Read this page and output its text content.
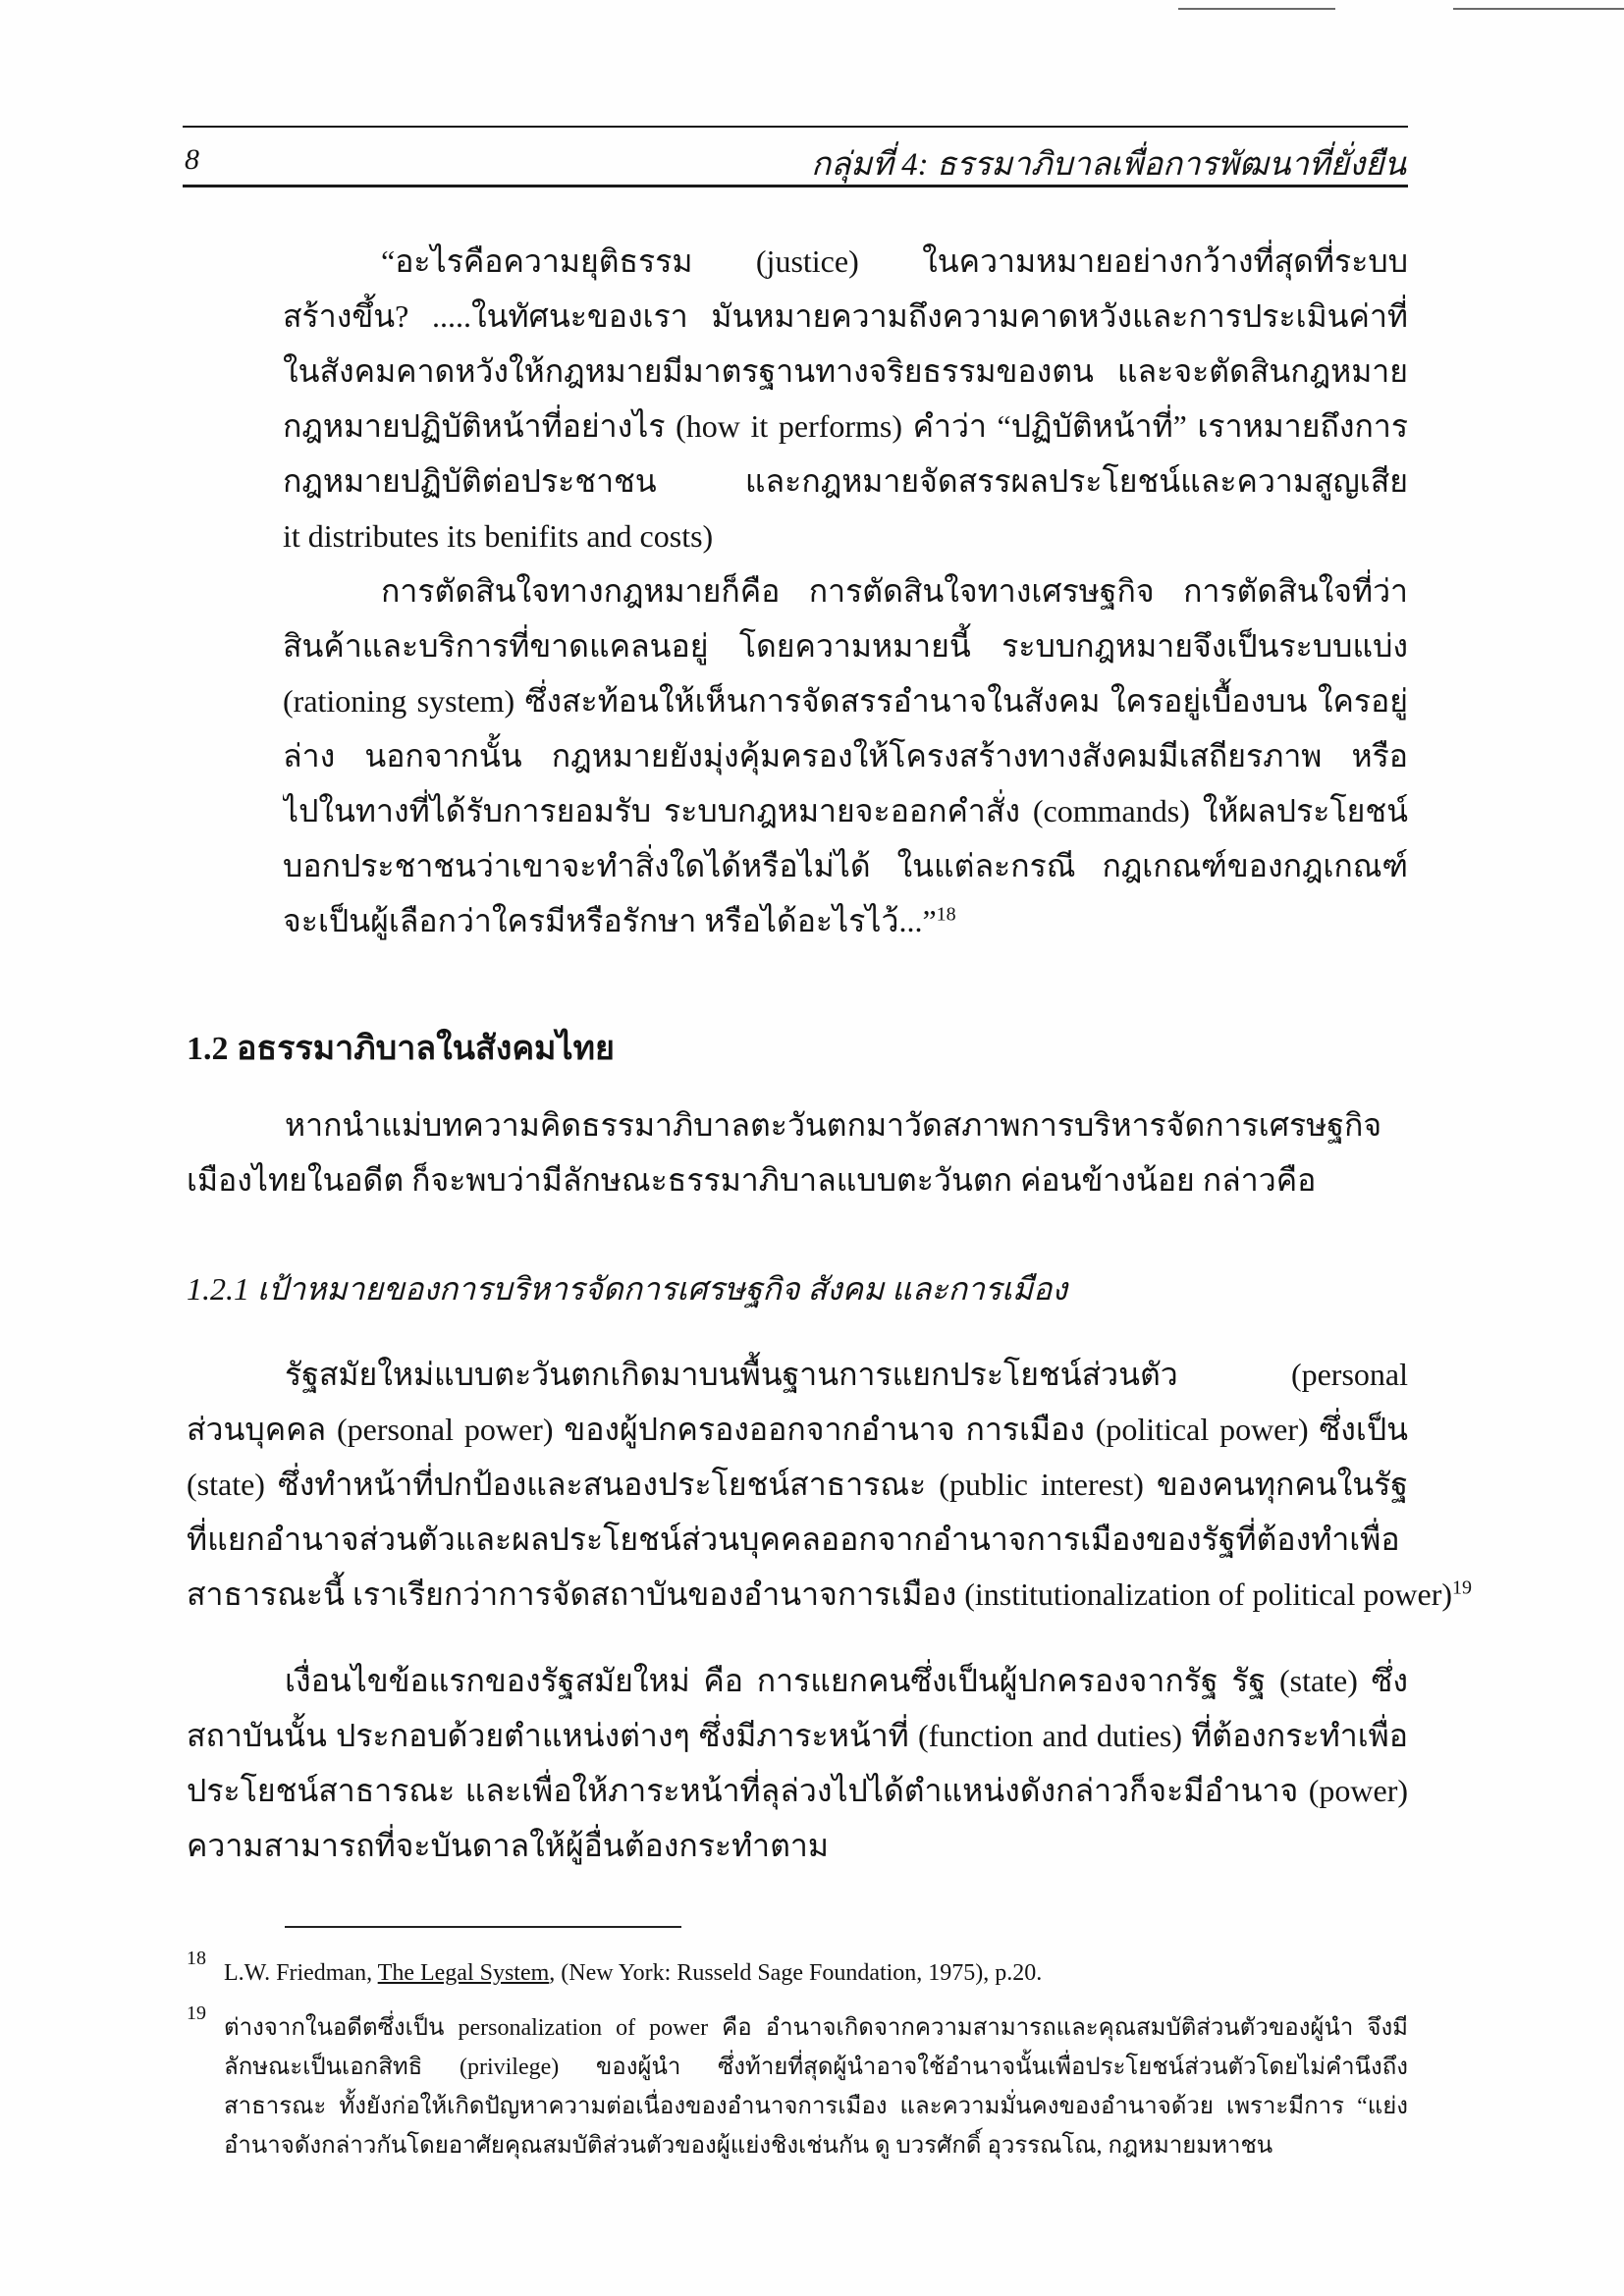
8	กลุ่มที่ 4: ธรรมาภิบาลเพื่อการพัฒนาที่ยั่งยืน
“อะไรคือความยุติธรรม (justice) ในความหมายอย่างกว้างที่สุดที่ระบบ
สร้างขึ้น? .....ในทัศนะของเรา มันหมายความถึงความคาดหวังและการประเมินค่าที่
ในสังคมคาดหวังให้กฎหมายมีมาตรฐานทางจริยธรรมของตน และจะตัดสินกฎหมาย
กฎหมายปฏิบัติหน้าที่อย่างไร (how it performs) คำว่า “ปฏิบัติหน้าที่” เราหมายถึงการ
กฎหมายปฏิบัติต่อประชาชน และกฎหมายจัดสรรผลประโยชน์และความสูญเสีย
it distributes its benifits and costs)
การตัดสินใจทางกฎหมายก็คือ การตัดสินใจทางเศรษฐกิจ การตัดสินใจที่ว่า
สินค้าและบริการที่ขาดแคลนอยู่ โดยความหมายนี้ ระบบกฎหมายจึงเป็นระบบแบ่ง
(rationing system) ซึ่งสะท้อนให้เห็นการจัดสรรอำนาจในสังคม ใครอยู่เบื้องบน ใครอยู่
ล่าง นอกจากนั้น กฎหมายยังมุ่งคุ้มครองให้โครงสร้างทางสังคมมีเสถียรภาพ หรือ
ไปในทางที่ได้รับการยอมรับ ระบบกฎหมายจะออกคำสั่ง (commands) ให้ผลประโยชน์
บอกประชาชนว่าเขาจะทำสิ่งใดได้หรือไม่ได้ ในแต่ละกรณี กฎเกณฑ์ของกฎเกณฑ์
จะเป็นผู้เลือกว่าใครมีหรือรักษา หรือได้อะไรไว้...”$^{18}$
1.2 อธรรมาภิบาลในสังคมไทย
หากนำแม่บทความคิดธรรมาภิบาลตะวันตกมาวัดสภาพการบริหารจัดการเศรษฐกิจ
เมืองไทยในอดีต ก็จะพบว่ามีลักษณะธรรมาภิบาลแบบตะวันตก ค่อนข้างน้อย กล่าวคือ
1.2.1 เป้าหมายของการบริหารจัดการเศรษฐกิจ สังคม และการเมือง
รัฐสมัยใหม่แบบตะวันตกเกิดมาบนพื้นฐานการแยกประโยชน์ส่วนตัว (personal
ส่วนบุคคล (personal power) ของผู้ปกครองออกจากอำนาจ การเมือง (political power) ซึ่งเป็น
(state) ซึ่งทำหน้าที่ปกป้องและสนองประโยชน์สาธารณะ (public interest) ของคนทุกคนในรัฐ
ที่แยกอำนาจส่วนตัวและผลประโยชน์ส่วนบุคคลออกจากอำนาจการเมืองของรัฐที่ต้องทำเพื่อ
สาธารณะนี้ เราเรียกว่าการจัดสถาบันของอำนาจการเมือง (institutionalization of political power)$^{19}$
เงื่อนไขข้อแรกของรัฐสมัยใหม่ คือ การแยกคนซึ่งเป็นผู้ปกครองจากรัฐ รัฐ (state) ซึ่ง
สถาบันนั้น ประกอบด้วยตำแหน่งต่างๆ ซึ่งมีภาระหน้าที่ (function and duties) ที่ต้องกระทำเพื่อ
ประโยชน์สาธารณะ และเพื่อให้ภาระหน้าที่ลุล่วงไปได้ตำแหน่งดังกล่าวก็จะมีอำนาจ (power)
ความสามารถที่จะบันดาลให้ผู้อื่นต้องกระทำตาม
18
L.W. Friedman, The Legal System, (New York: Russeld Sage Foundation, 1975), p.20.
19
ต่างจากในอดีตซึ่งเป็น personalization of power คือ อำนาจเกิดจากความสามารถและคุณสมบัติส่วนตัวของผู้นำ จึงมี
ลักษณะเป็นเอกสิทธิ (privilege) ของผู้นำ ซึ่งท้ายที่สุดผู้นำอาจใช้อำนาจนั้นเพื่อประโยชน์ส่วนตัวโดยไม่คำนึงถึง
สาธารณะ ทั้งยังก่อให้เกิดปัญหาความต่อเนื่องของอำนาจการเมือง และความมั่นคงของอำนาจด้วย เพราะมีการ “แย่ง
อำนาจดังกล่าวกันโดยอาศัยคุณสมบัติส่วนตัวของผู้แย่งชิงเช่นกัน ดู บวรศักดิ์ อุวรรณโณ, กฎหมายมหาชน
